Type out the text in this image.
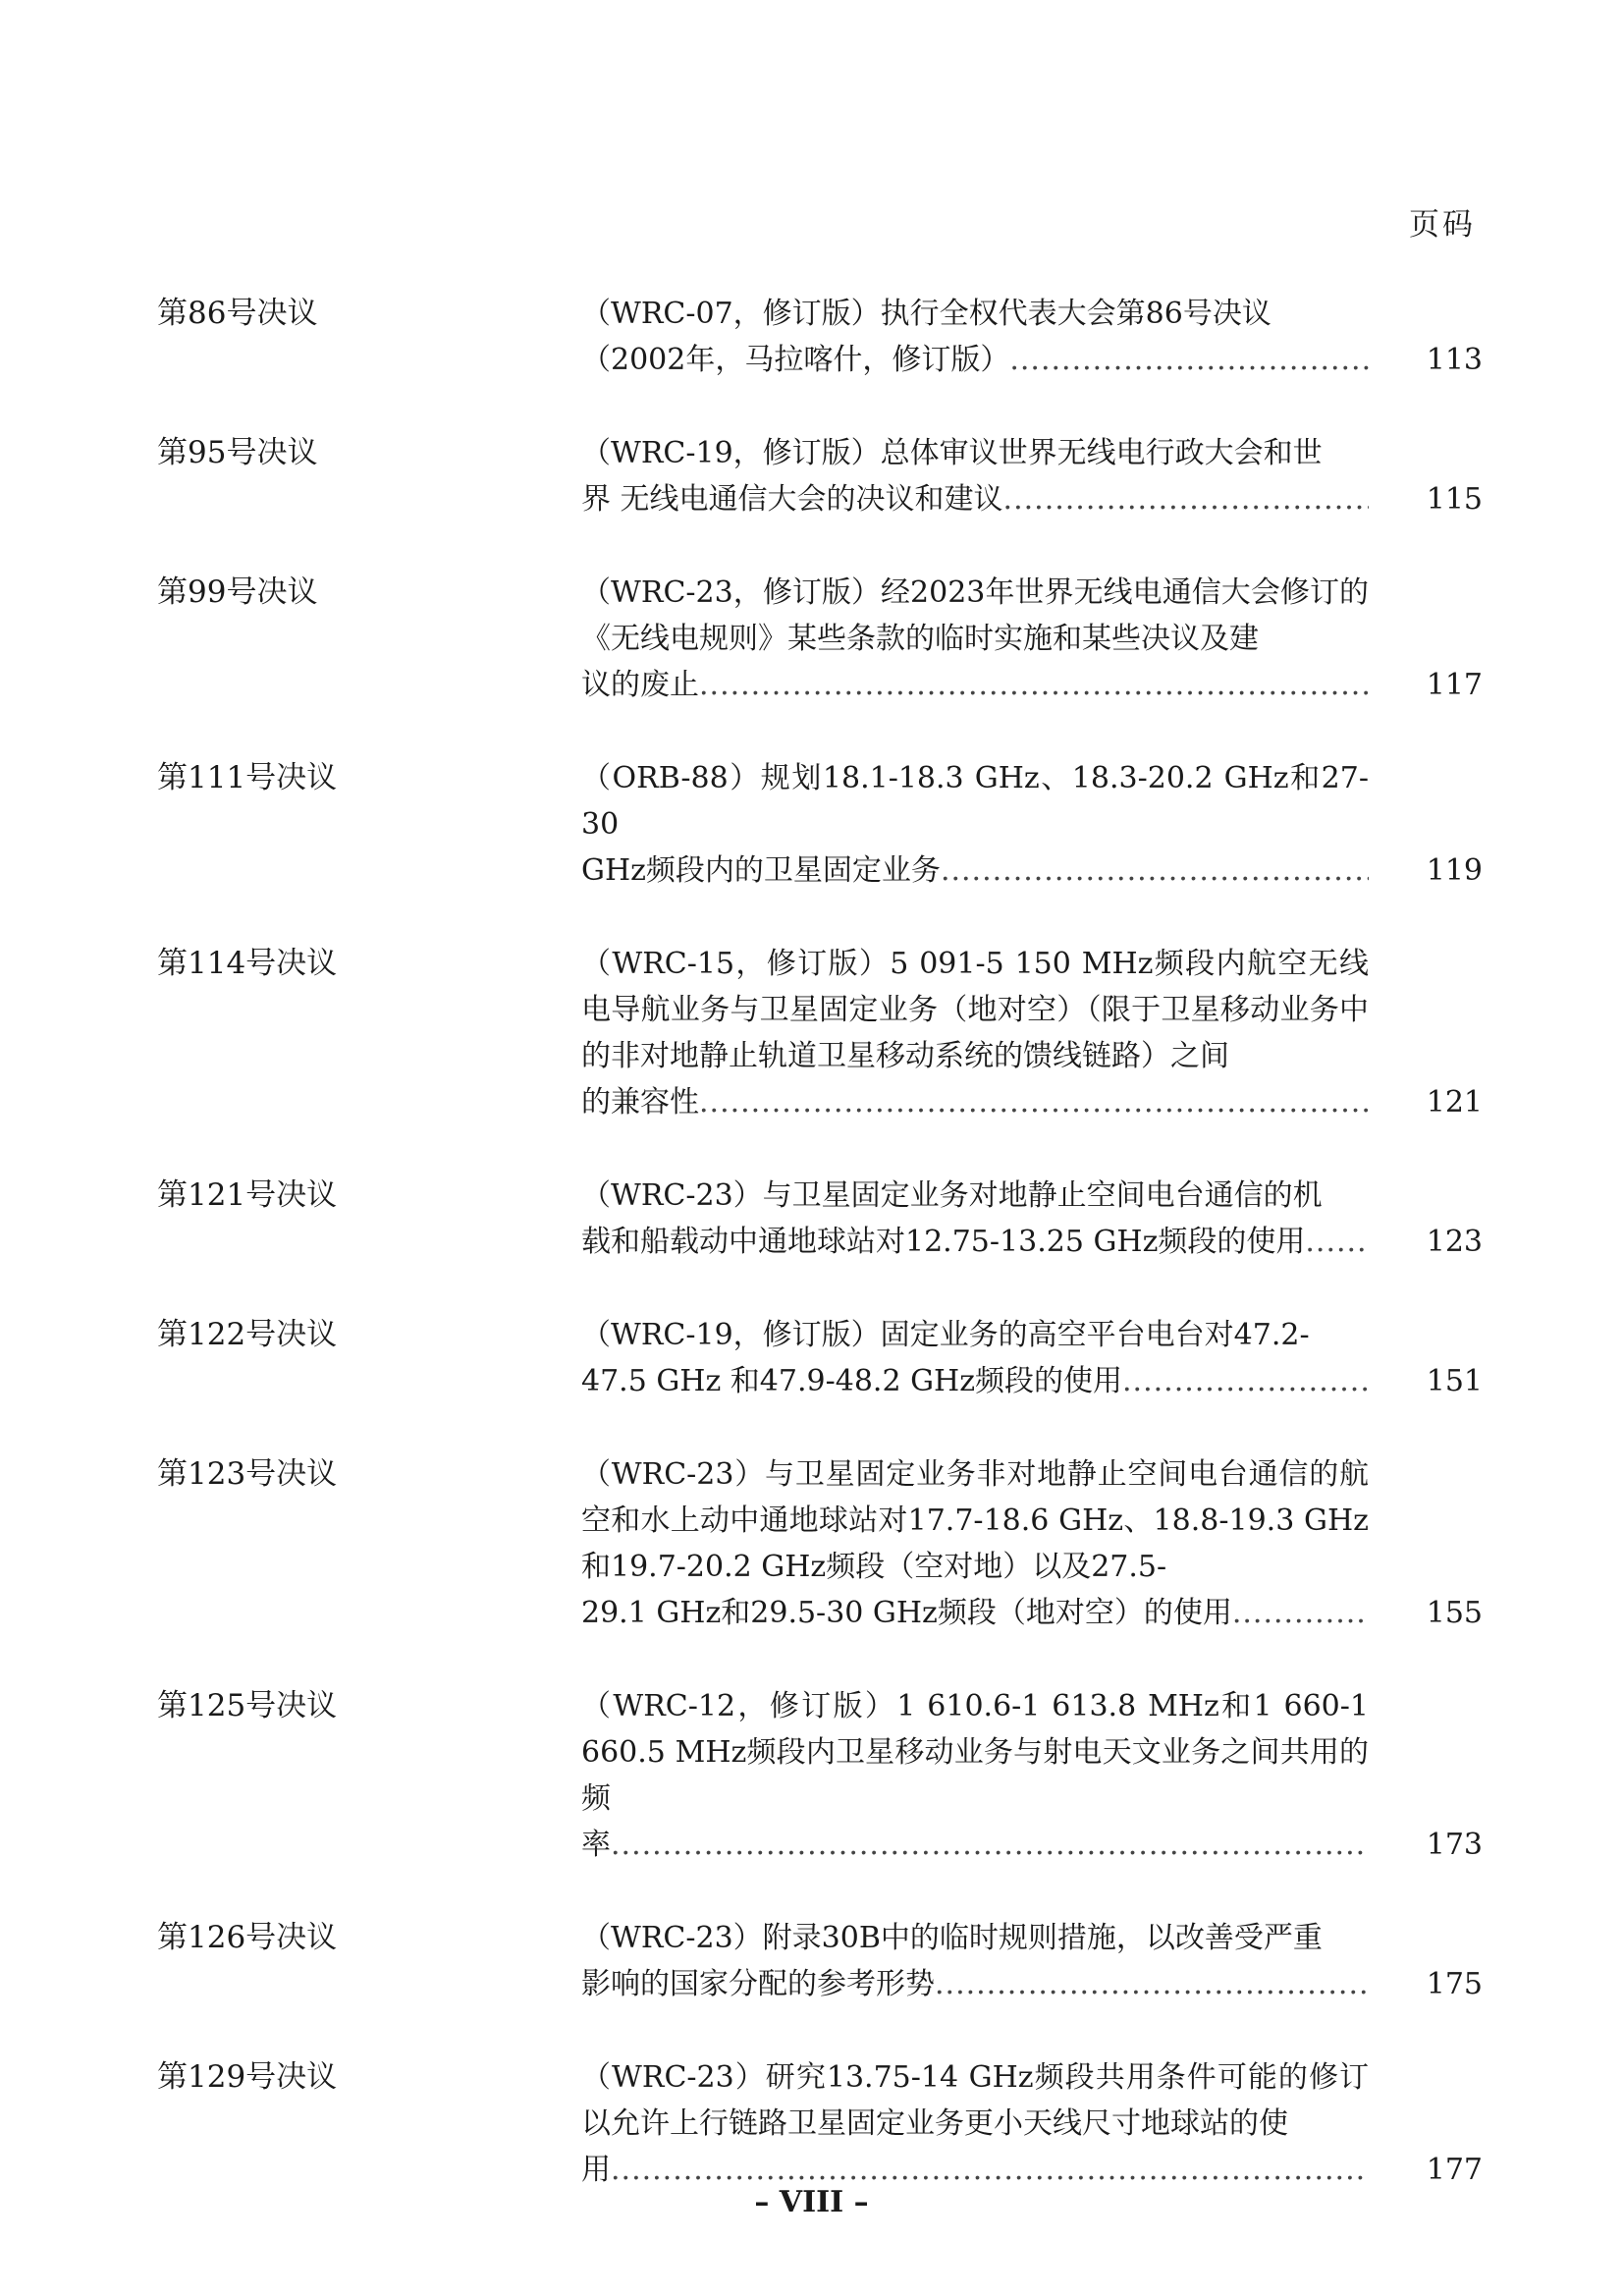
页码
第86号决议	（WRC-07，修订版）执行全权代表大会第86号决议
（2002年，马拉喀什，修订版） .....	113
第95号决议	（WRC-19，修订版）总体审议世界无线电行政大会和世
界 无线电通信大会的决议和建议 .....	115
第99号决议	（WRC-23，修订版）经2023年世界无线电通信大会修订的《无线电规则》某些条款的临时实施和某些决议及建
议的废止 .....	117
第111号决议	（ORB-88）规划18.1-18.3 GHz、18.3-20.2 GHz和27-30
GHz频段内的卫星固定业务 .....	119
第114号决议	（WRC-15，修订版）5 091-5 150 MHz频段内航空无线电导航业务与卫星固定业务（地对空）（限于卫星移动业务中的非对地静止轨道卫星移动系统的馈线链路）之间
的兼容性 .....	121
第121号决议	（WRC-23）与卫星固定业务对地静止空间电台通信的机
载和船载动中通地球站对12.75-13.25 GHz频段的使用 .....	123
第122号决议	（WRC-19，修订版）固定业务的高空平台电台对47.2-
47.5 GHz 和47.9-48.2 GHz频段的使用 .....	151
第123号决议	（WRC-23）与卫星固定业务非对地静止空间电台通信的航空和水上动中通地球站对17.7-18.6 GHz、18.8-19.3 GHz和19.7-20.2 GHz频段（空对地）以及27.5-
29.1 GHz和29.5-30 GHz频段（地对空）的使用 .....	155
第125号决议	（WRC-12，修订版）1 610.6-1 613.8 MHz和1 660-1 660.5 MHz频段内卫星移动业务与射电天文业务之间共用的频
率 .....	173
第126号决议	（WRC-23）附录30B中的临时规则措施，以改善受严重
影响的国家分配的参考形势 .....	175
第129号决议	（WRC-23）研究13.75-14 GHz频段共用条件可能的修订以允许上行链路卫星固定业务更小天线尺寸地球站的使
用 .....	177
– VIII –
